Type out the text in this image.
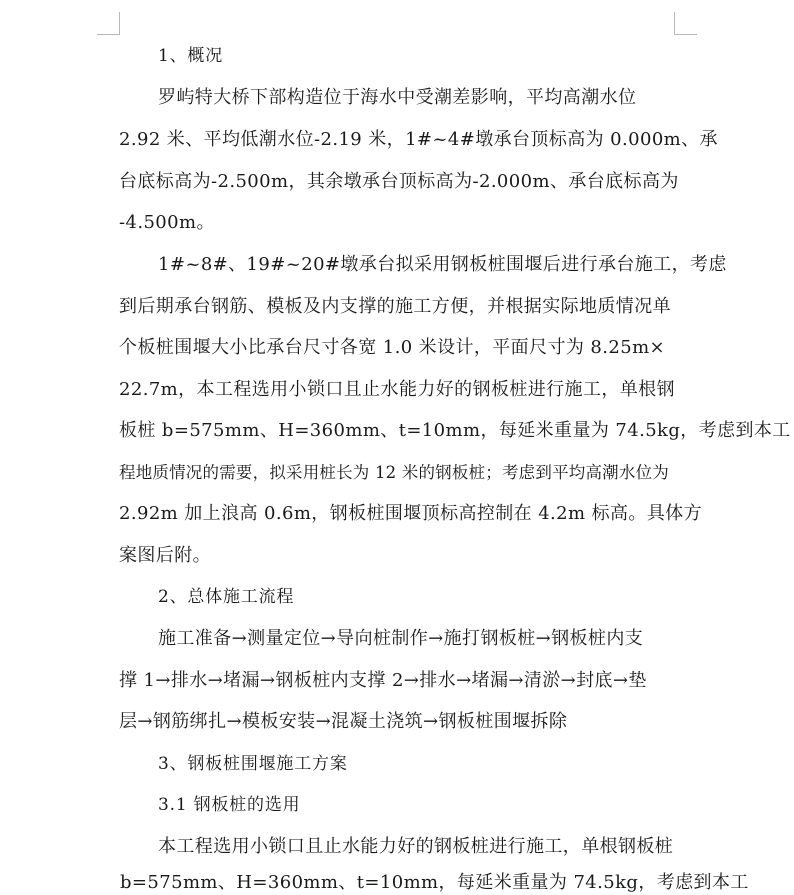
1、概况
罗屿特大桥下部构造位于海水中受潮差影响，平均高潮水位
2.92 米、平均低潮水位-2.19 米，1#~4#墩承台顶标高为 0.000m、承
台底标高为-2.500m，其余墩承台顶标高为-2.000m、承台底标高为
-4.500m。
1#~8#、19#~20#墩承台拟采用钢板桩围堰后进行承台施工，考虑
到后期承台钢筋、模板及内支撑的施工方便，并根据实际地质情况单
个板桩围堰大小比承台尺寸各宽 1.0 米设计，平面尺寸为 8.25m×
22.7m，本工程选用小锁口且止水能力好的钢板桩进行施工，单根钢
板桩 b=575mm、H=360mm、t=10mm，每延米重量为 74.5kg，考虑到本工
程地质情况的需要，拟采用桩长为 12 米的钢板桩；考虑到平均高潮水位为
2.92m 加上浪高 0.6m，钢板桩围堰顶标高控制在 4.2m 标高。具体方
案图后附。
2、总体施工流程
施工准备→测量定位→导向桩制作→施打钢板桩→钢板桩内支
撑 1→排水→堵漏→钢板桩内支撑 2→排水→堵漏→清淤→封底→垫
层→钢筋绑扎→模板安装→混凝土浇筑→钢板桩围堰拆除
3、钢板桩围堰施工方案
3.1 钢板桩的选用
本工程选用小锁口且止水能力好的钢板桩进行施工，单根钢板桩
b=575mm、H=360mm、t=10mm，每延米重量为 74.5kg，考虑到本工
